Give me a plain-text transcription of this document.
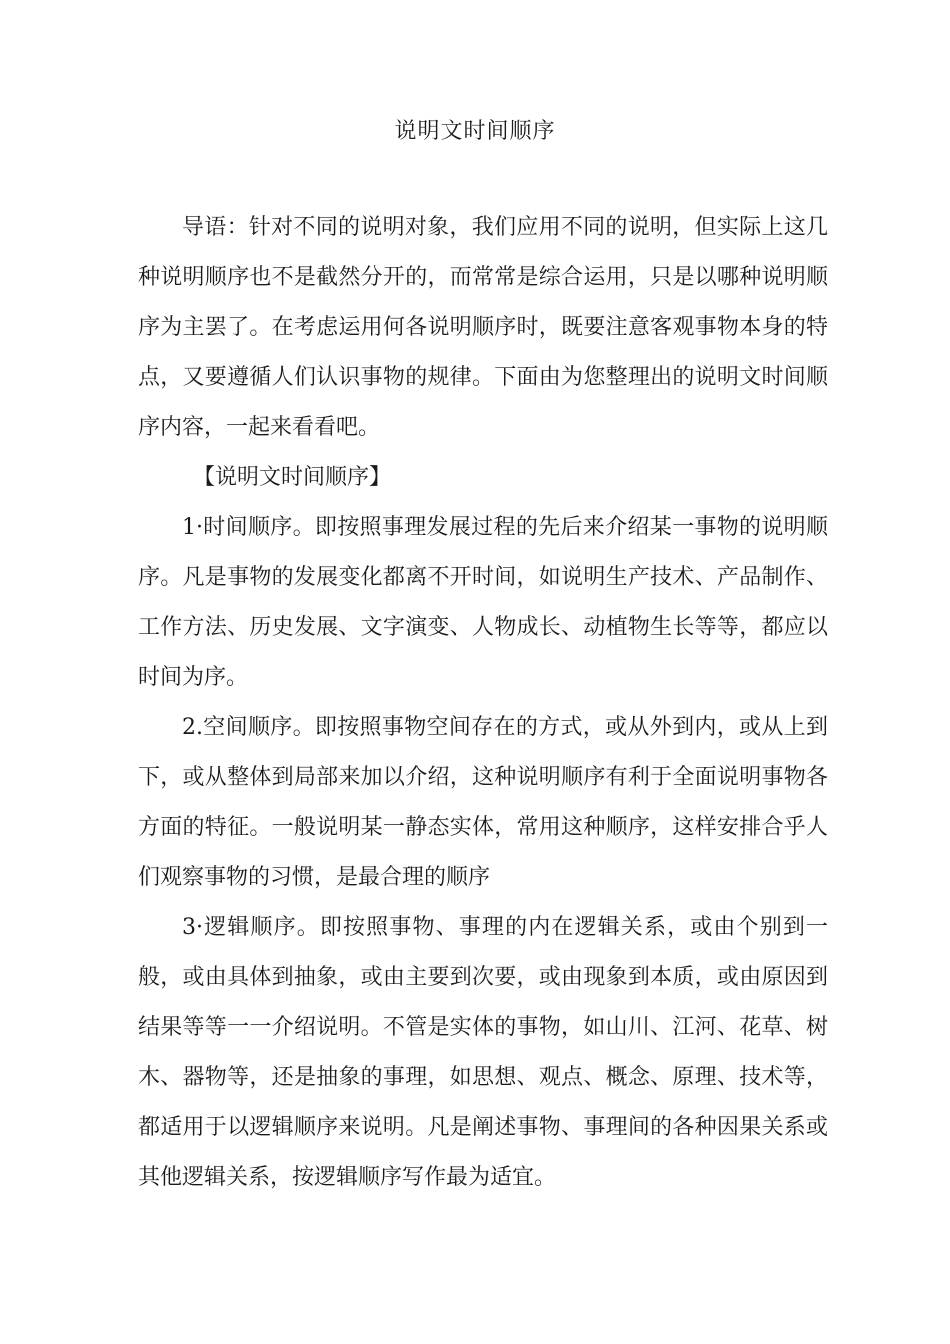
说明文时间顺序

导语：针对不同的说明对象，我们应用不同的说明，但实际上这几种说明顺序也不是截然分开的，而常常是综合运用，只是以哪种说明顺序为主罢了。在考虑运用何各说明顺序时，既要注意客观事物本身的特点，又要遵循人们认识事物的规律。下面由为您整理出的说明文时间顺序内容，一起来看看吧。

【说明文时间顺序】

1·时间顺序。即按照事理发展过程的先后来介绍某一事物的说明顺序。凡是事物的发展变化都离不开时间，如说明生产技术、产品制作、工作方法、历史发展、文字演变、人物成长、动植物生长等等，都应以时间为序。

2.空间顺序。即按照事物空间存在的方式，或从外到内，或从上到下，或从整体到局部来加以介绍，这种说明顺序有利于全面说明事物各方面的特征。一般说明某一静态实体，常用这种顺序，这样安排合乎人们观察事物的习惯，是最合理的顺序

3·逻辑顺序。即按照事物、事理的内在逻辑关系，或由个别到一般，或由具体到抽象，或由主要到次要，或由现象到本质，或由原因到结果等等一一介绍说明。不管是实体的事物，如山川、江河、花草、树木、器物等，还是抽象的事理，如思想、观点、概念、原理、技术等，都适用于以逻辑顺序来说明。凡是阐述事物、事理间的各种因果关系或其他逻辑关系，按逻辑顺序写作最为适宜。
